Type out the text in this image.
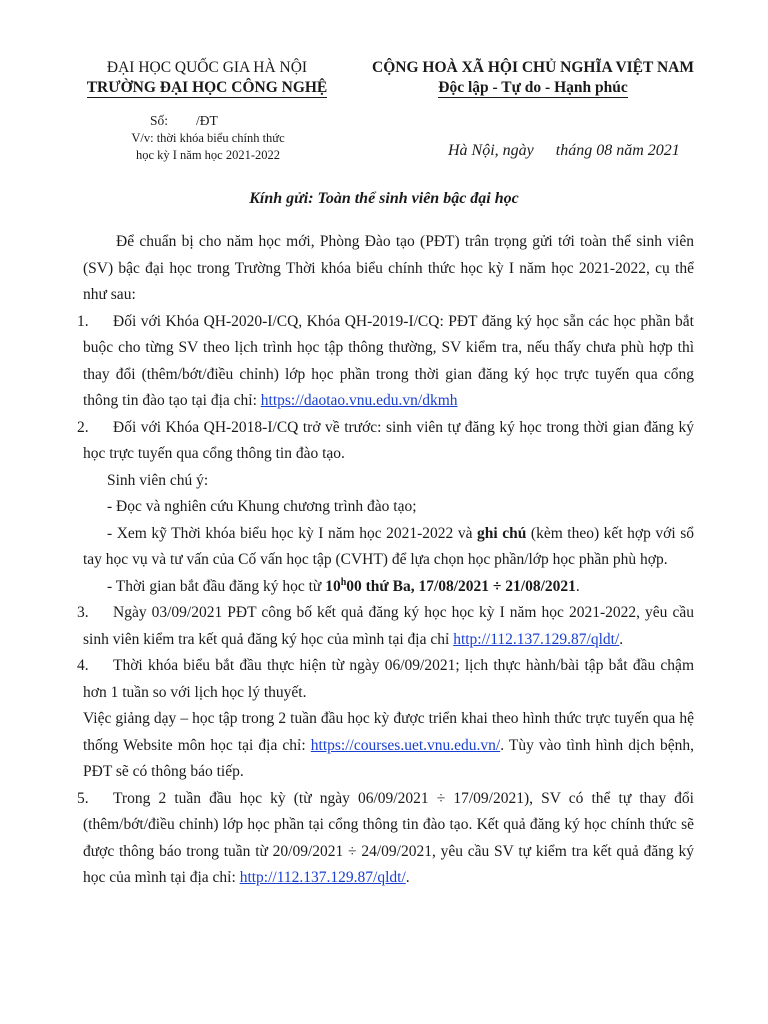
ĐẠI HỌC QUỐC GIA HÀ NỘI
TRƯỜNG ĐẠI HỌC CÔNG NGHỆ
CỘNG HOÀ XÃ HỘI CHỦ NGHĨA VIỆT NAM
Độc lập - Tự do - Hạnh phúc
Số: /ĐT
V/v: thời khóa biểu chính thức
học kỳ I năm học 2021-2022	Hà Nội, ngày tháng 08 năm 2021
Kính gửi: Toàn thể sinh viên bậc đại học

Để chuẩn bị cho năm học mới, Phòng Đào tạo (PĐT) trân trọng gửi tới toàn thể sinh viên (SV) bậc đại học trong Trường Thời khóa biểu chính thức học kỳ I năm học 2021-2022, cụ thể như sau:

1.	Đối với Khóa QH-2020-I/CQ, Khóa QH-2019-I/CQ: PĐT đăng ký học sẵn các học phần bắt buộc cho từng SV theo lịch trình học tập thông thường, SV kiểm tra, nếu thấy chưa phù hợp thì thay đổi (thêm/bớt/điều chỉnh) lớp học phần trong thời gian đăng ký học trực tuyến qua cổng thông tin đào tạo tại địa chỉ: https://daotao.vnu.edu.vn/dkmh

2.	Đối với Khóa QH-2018-I/CQ trở về trước: sinh viên tự đăng ký học trong thời gian đăng ký học trực tuyến qua cổng thông tin đào tạo.

Sinh viên chú ý:

- Đọc và nghiên cứu Khung chương trình đào tạo;

- Xem kỹ Thời khóa biểu học kỳ I năm học 2021-2022 và ghi chú (kèm theo) kết hợp với sổ tay học vụ và tư vấn của Cố vấn học tập (CVHT) để lựa chọn học phần/lớp học phần phù hợp.

- Thời gian bắt đầu đăng ký học từ 10$^h$00 thứ Ba, 17/08/2021 ÷ 21/08/2021.

3.	Ngày 03/09/2021 PĐT công bố kết quả đăng ký học học kỳ I năm học 2021-2022, yêu cầu sinh viên kiểm tra kết quả đăng ký học của mình tại địa chỉ http://112.137.129.87/qldt/.

4.	Thời khóa biểu bắt đầu thực hiện từ ngày 06/09/2021; lịch thực hành/bài tập bắt đầu chậm hơn 1 tuần so với lịch học lý thuyết.

Việc giảng dạy – học tập trong 2 tuần đầu học kỳ được triển khai theo hình thức trực tuyến qua hệ thống Website môn học tại địa chỉ: https://courses.uet.vnu.edu.vn/. Tùy vào tình hình dịch bệnh, PĐT sẽ có thông báo tiếp.

5.	Trong 2 tuần đầu học kỳ (từ ngày 06/09/2021 ÷ 17/09/2021), SV có thể tự thay đổi (thêm/bớt/điều chỉnh) lớp học phần tại cổng thông tin đào tạo. Kết quả đăng ký học chính thức sẽ được thông báo trong tuần từ 20/09/2021 ÷ 24/09/2021, yêu cầu SV tự kiểm tra kết quả đăng ký học của mình tại địa chỉ: http://112.137.129.87/qldt/.
